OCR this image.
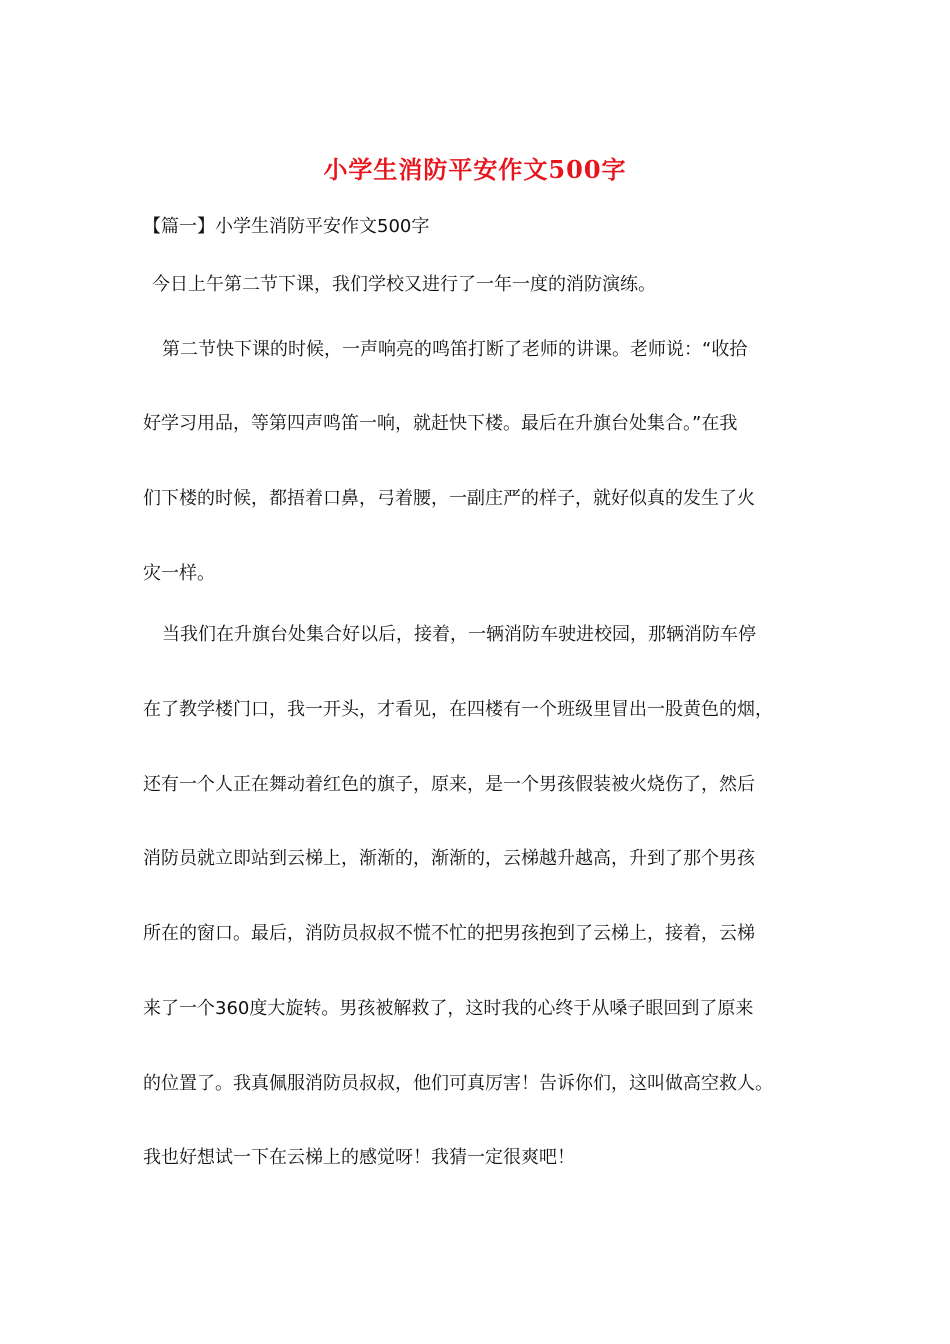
小学生消防平安作文500字
【篇一】小学生消防平安作文500字
今日上午第二节下课，我们学校又进行了一年一度的消防演练。
第二节快下课的时候，一声响亮的鸣笛打断了老师的讲课。老师说：“收拾
好学习用品，等第四声鸣笛一响，就赶快下楼。最后在升旗台处集合。”在我
们下楼的时候，都捂着口鼻，弓着腰，一副庄严的样子，就好似真的发生了火
灾一样。
当我们在升旗台处集合好以后，接着，一辆消防车驶进校园，那辆消防车停
在了教学楼门口，我一开头，才看见，在四楼有一个班级里冒出一股黄色的烟，
还有一个人正在舞动着红色的旗子，原来，是一个男孩假装被火烧伤了，然后
消防员就立即站到云梯上，渐渐的，渐渐的，云梯越升越高，升到了那个男孩
所在的窗口。最后，消防员叔叔不慌不忙的把男孩抱到了云梯上，接着，云梯
来了一个360度大旋转。男孩被解救了，这时我的心终于从嗓子眼回到了原来
的位置了。我真佩服消防员叔叔，他们可真厉害！告诉你们，这叫做高空救人。
我也好想试一下在云梯上的感觉呀！我猜一定很爽吧！
